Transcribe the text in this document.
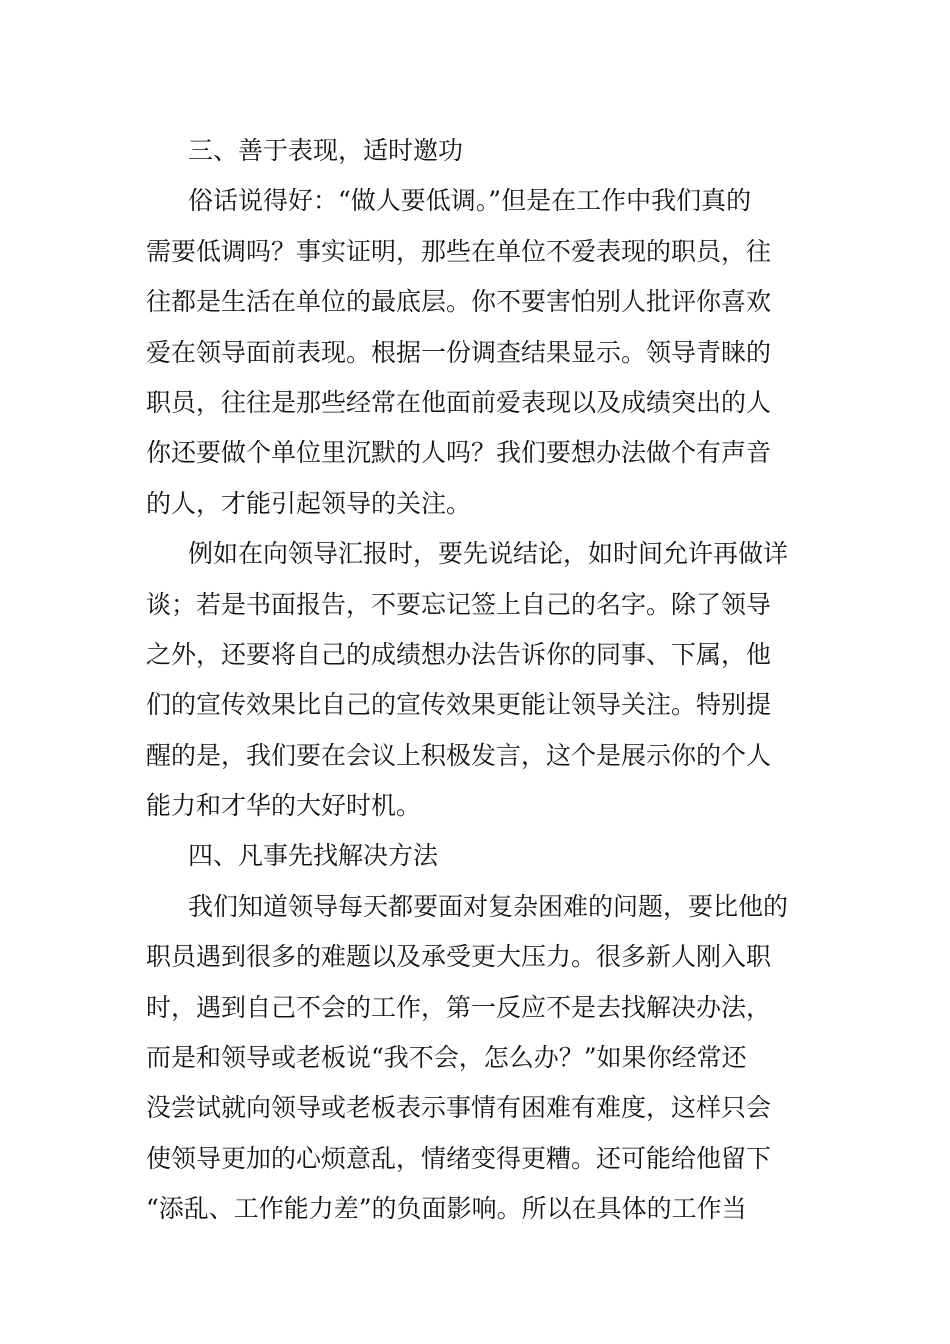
三、善于表现，适时邀功
俗话说得好：“做人要低调。”但是在工作中我们真的
需要低调吗？事实证明，那些在单位不爱表现的职员，往
往都是生活在单位的最底层。你不要害怕别人批评你喜欢
爱在领导面前表现。根据一份调查结果显示。领导青睐的
职员，往往是那些经常在他面前爱表现以及成绩突出的人
你还要做个单位里沉默的人吗？我们要想办法做个有声音
的人，才能引起领导的关注。
例如在向领导汇报时，要先说结论，如时间允许再做详
谈；若是书面报告，不要忘记签上自己的名字。除了领导
之外，还要将自己的成绩想办法告诉你的同事、下属，他
们的宣传效果比自己的宣传效果更能让领导关注。特别提
醒的是，我们要在会议上积极发言，这个是展示你的个人
能力和才华的大好时机。
四、凡事先找解决方法
我们知道领导每天都要面对复杂困难的问题，要比他的
职员遇到很多的难题以及承受更大压力。很多新人刚入职
时，遇到自己不会的工作，第一反应不是去找解决办法，
而是和领导或老板说“我不会，怎么办？”如果你经常还
没尝试就向领导或老板表示事情有困难有难度，这样只会
使领导更加的心烦意乱，情绪变得更糟。还可能给他留下
“添乱、工作能力差”的负面影响。所以在具体的工作当
